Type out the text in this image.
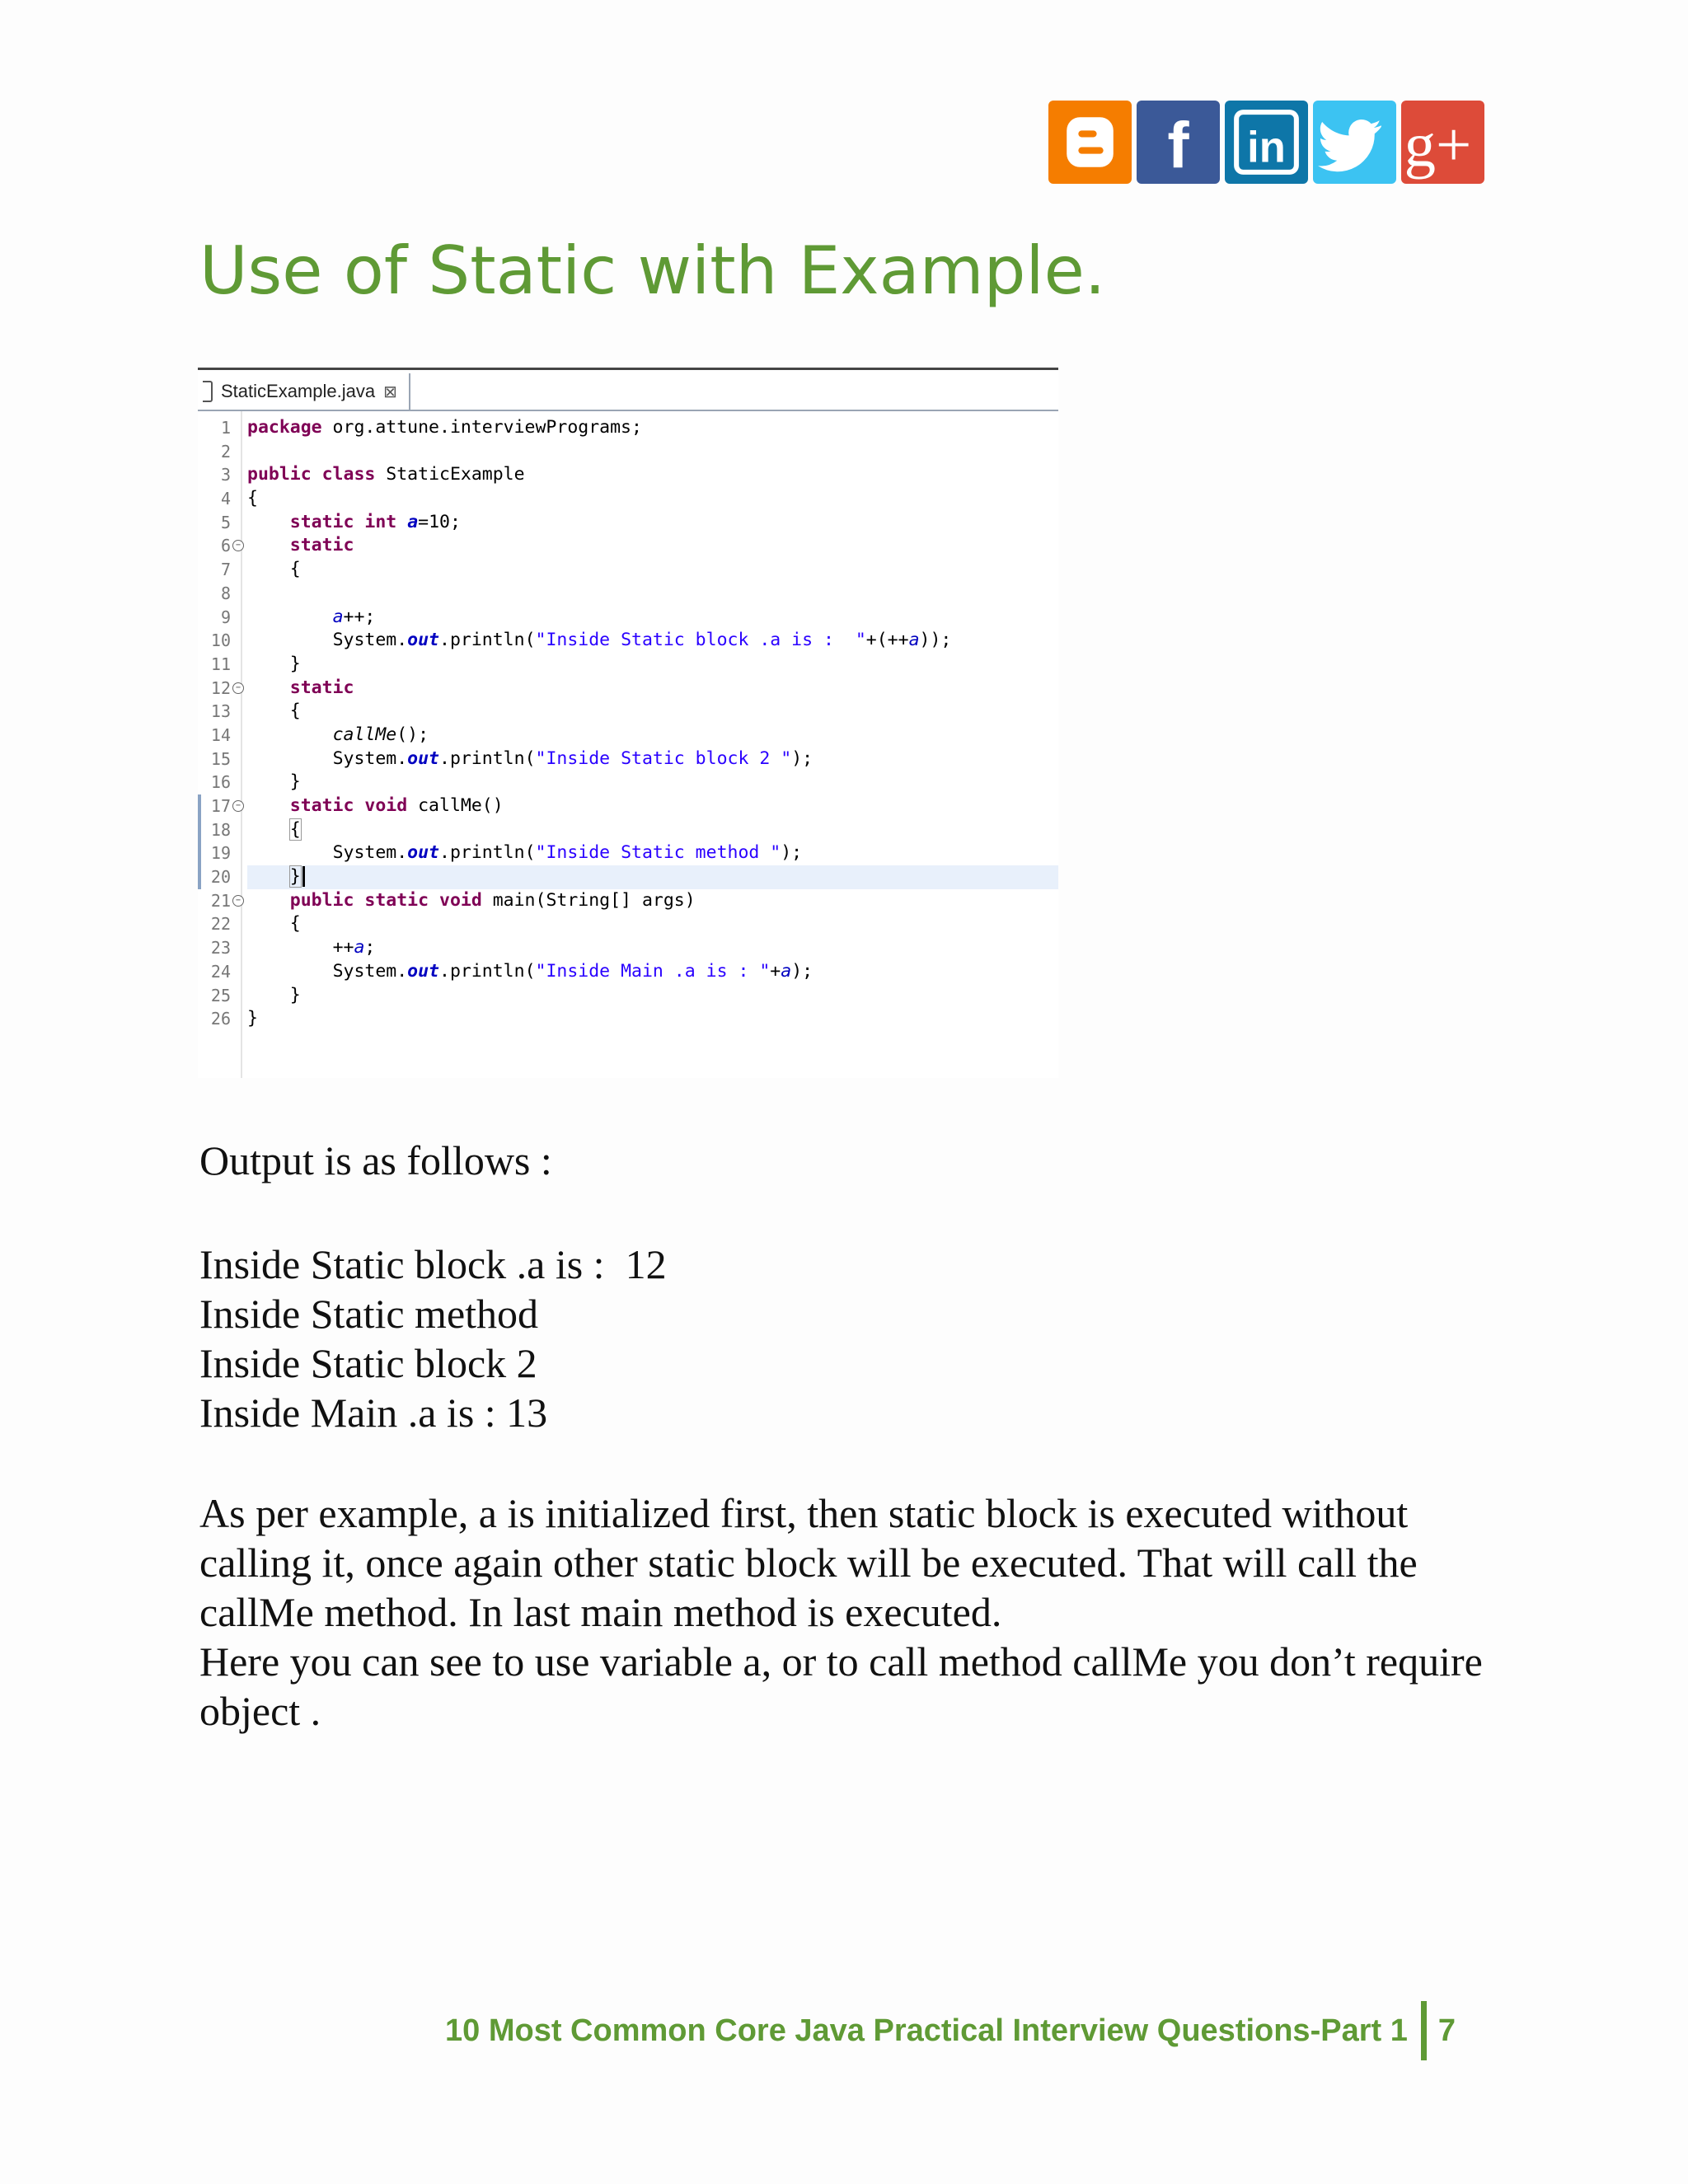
f in g+
Use of Static with Example.
StaticExample.java ⊠
1
2
3
4
5
6 −
7
8
9
10
11
12 −
13
14
15
16
17 −
18
19
20
21 −
22
23
24
25
26
package org.attune.interviewPrograms;

public class StaticExample
{
static int a=10;
static
{

a++;
System.out.println("Inside Static block .a is :  "+(++a));
}
static
{
callMe();
System.out.println("Inside Static block 2 ");
}
static void callMe()
{
System.out.println("Inside Static method ");
}
public static void main(String[] args)
{
++a;
System.out.println("Inside Main .a is : "+a);
}
}

Output is as follows :

Inside Static block .a is :  12
Inside Static method
Inside Static block 2
Inside Main .a is : 13
As per example, a is initialized first, then static block is executed without calling it, once again other static block will be executed. That will call the callMe method. In last main method is executed.
Here you can see to use variable a, or to call method callMe you don’t require object .
10 Most Common Core Java Practical Interview Questions-Part 1 7
